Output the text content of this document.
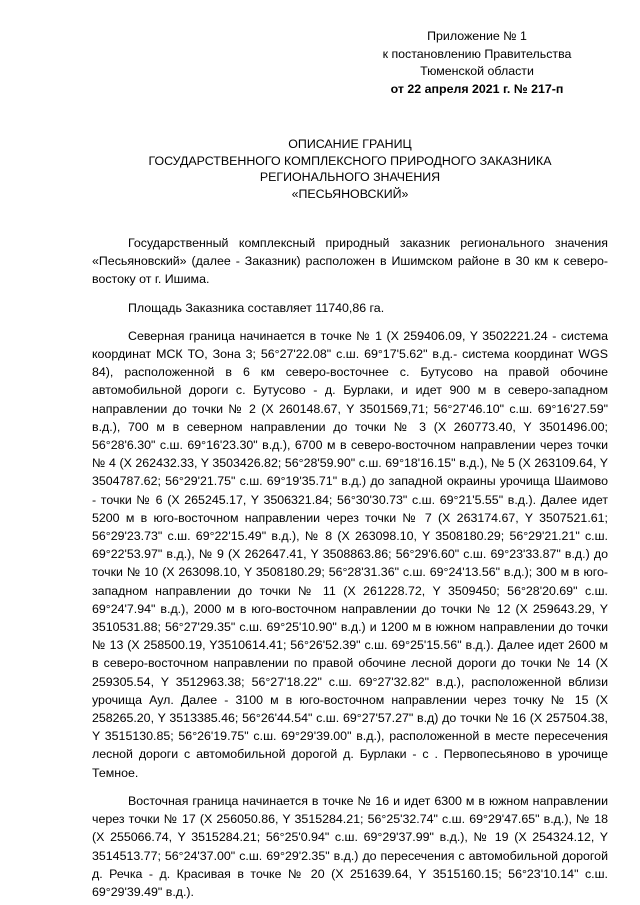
Приложение № 1
к постановлению Правительства
Тюменской области
от 22 апреля 2021 г. № 217-п
ОПИСАНИЕ ГРАНИЦ
ГОСУДАРСТВЕННОГО КОМПЛЕКСНОГО ПРИРОДНОГО ЗАКАЗНИКА
РЕГИОНАЛЬНОГО ЗНАЧЕНИЯ
«ПЕСЬЯНОВСКИЙ»

Государственный комплексный природный заказник регионального значения «Песьяновский» (далее - Заказник) расположен в Ишимском районе в 30 км к северо-востоку от г. Ишима.

Площадь Заказника составляет 11740,86 га.

Северная граница начинается в точке № 1 (X 259406.09, Y 3502221.24 - система координат МСК ТО, Зона 3; 56°27'22.08" с.ш. 69°17'5.62" в.д.- система координат WGS 84), расположенной в 6 км северо-восточнее с. Бутусово на правой обочине автомобильной дороги с. Бутусово - д. Бурлаки, и идет 900 м в северо-западном направлении до точки № 2 (X 260148.67, Y 3501569,71; 56°27'46.10" с.ш. 69°16'27.59" в.д.), 700 м в северном направлении до точки № 3 (X 260773.40, Y 3501496.00; 56°28'6.30" с.ш. 69°16'23.30" в.д.), 6700 м в северо-восточном направлении через точки № 4 (X 262432.33, Y 3503426.82; 56°28'59.90" с.ш. 69°18'16.15" в.д.), № 5 (X 263109.64, Y 3504787.62; 56°29'21.75" с.ш. 69°19'35.71" в.д.) до западной окраины урочища Шаимово - точки № 6 (X 265245.17, Y 3506321.84; 56°30'30.73" с.ш. 69°21'5.55" в.д.). Далее идет 5200 м в юго-восточном направлении через точки № 7 (X 263174.67, Y 3507521.61; 56°29'23.73" с.ш. 69°22'15.49" в.д.), № 8 (X 263098.10, Y 3508180.29; 56°29'21.21" с.ш. 69°22'53.97" в.д.), № 9 (X 262647.41, Y 3508863.86; 56°29'6.60" с.ш. 69°23'33.87" в.д.) до точки № 10 (X 263098.10, Y 3508180.29; 56°28'31.36" с.ш. 69°24'13.56" в.д.); 300 м в юго-западном направлении до точки № 11 (X 261228.72, Y 3509450; 56°28'20.69" с.ш. 69°24'7.94" в.д.), 2000 м в юго-восточном направлении до точки № 12 (X 259643.29, Y 3510531.88; 56°27'29.35" с.ш. 69°25'10.90" в.д.) и 1200 м в южном направлении до точки № 13 (X 258500.19, Y3510614.41; 56°26'52.39" с.ш. 69°25'15.56" в.д.). Далее идет 2600 м в северо-восточном направлении по правой обочине лесной дороги до точки № 14 (X 259305.54, Y 3512963.38; 56°27'18.22" с.ш. 69°27'32.82" в.д.), расположенной вблизи урочища Аул. Далее - 3100 м в юго-восточном направлении через точку № 15 (X 258265.20, Y 3513385.46; 56°26'44.54" с.ш. 69°27'57.27" в.д) до точки № 16 (X 257504.38, Y 3515130.85; 56°26'19.75" с.ш. 69°29'39.00" в.д.), расположенной в месте пересечения лесной дороги с автомобильной дорогой д. Бурлаки - с . Первопесьяново в урочище Темное.

Восточная граница начинается в точке № 16 и идет 6300 м в южном направлении через точки № 17 (X 256050.86, Y 3515284.21; 56°25'32.74" с.ш. 69°29'47.65" в.д.), № 18 (X 255066.74, Y 3515284.21; 56°25'0.94" с.ш. 69°29'37.99" в.д.), № 19 (X 254324.12, Y 3514513.77; 56°24'37.00" с.ш. 69°29'2.35" в.д.) до пересечения с автомобильной дорогой д. Речка - д. Красивая в точке № 20 (X 251639.64, Y 3515160.15; 56°23'10.14" с.ш. 69°29'39.49" в.д.).
